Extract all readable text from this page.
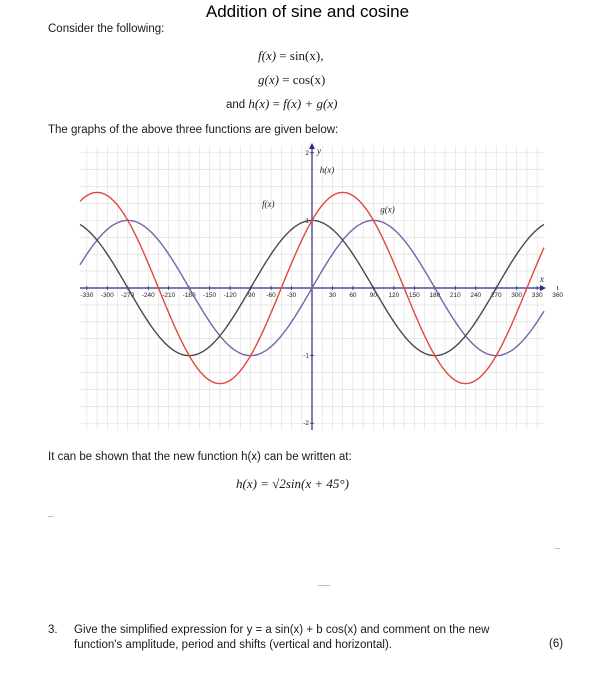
Addition of sine and cosine
Consider the following:
f(x) = sin(x),
g(x) = cos(x)
and h(x) = f(x) + g(x)
The graphs of the above three functions are given below:
-330 -300 -270 -240 -210 -180 -150 -120 -90 -60 -30	30 60 90 120 150 180 210 240 270 300 330 360
2
1
-1
-2
x
y
f(x)
g(x)
h(x)
It can be shown that the new function h(x) can be written at:
h(x) = √2sin(x + 45°)
3. Give the simplified expression for y = a sin(x) + b cos(x) and comment on the new
function's amplitude, period and shifts (vertical and horizontal).	(6)
